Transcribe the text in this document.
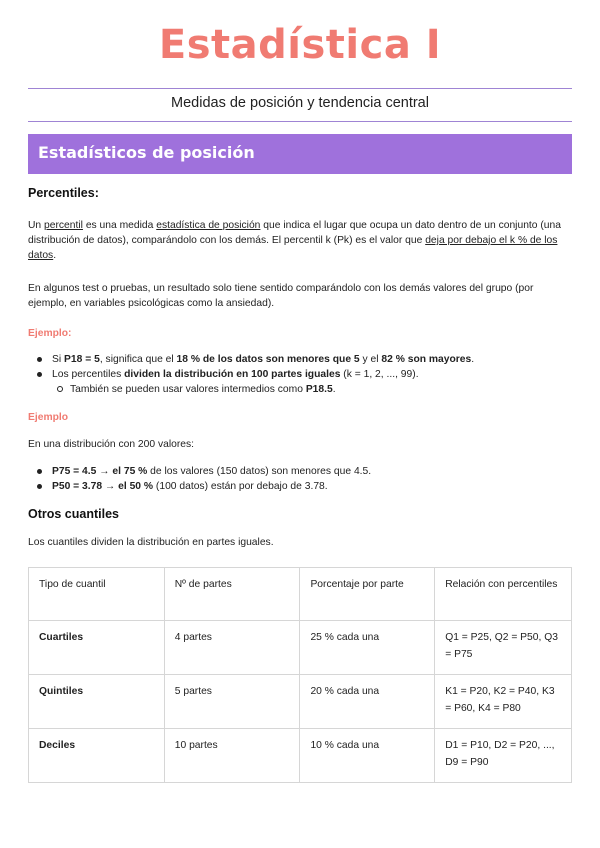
Estadística I
Medidas de posición y tendencia central
Estadísticos de posición
Percentiles:

Un percentil es una medida estadística de posición que indica el lugar que ocupa un dato dentro de un conjunto (una distribución de datos), comparándolo con los demás. El percentil k (Pk) es el valor que deja por debajo el k % de los datos.

En algunos test o pruebas, un resultado solo tiene sentido comparándolo con los demás valores del grupo (por ejemplo, en variables psicológicas como la ansiedad).

Ejemplo:

Si P18 = 5, significa que el 18 % de los datos son menores que 5 y el 82 % son mayores.
Los percentiles dividen la distribución en 100 partes iguales (k = 1, 2, ..., 99).
También se pueden usar valores intermedios como P18.5.

Ejemplo

En una distribución con 200 valores:

P75 = 4.5 → el 75 % de los valores (150 datos) son menores que 4.5.
P50 = 3.78 → el 50 % (100 datos) están por debajo de 3.78.
Otros cuantiles

Los cuantiles dividen la distribución en partes iguales.

Tipo de cuantil	Nº de partes	Porcentaje por parte	Relación con percentiles
Cuartiles	4 partes	25 % cada una	Q1 = P25, Q2 = P50, Q3 = P75
Quintiles	5 partes	20 % cada una	K1 = P20, K2 = P40, K3 = P60, K4 = P80
Deciles	10 partes	10 % cada una	D1 = P10, D2 = P20, ..., D9 = P90
